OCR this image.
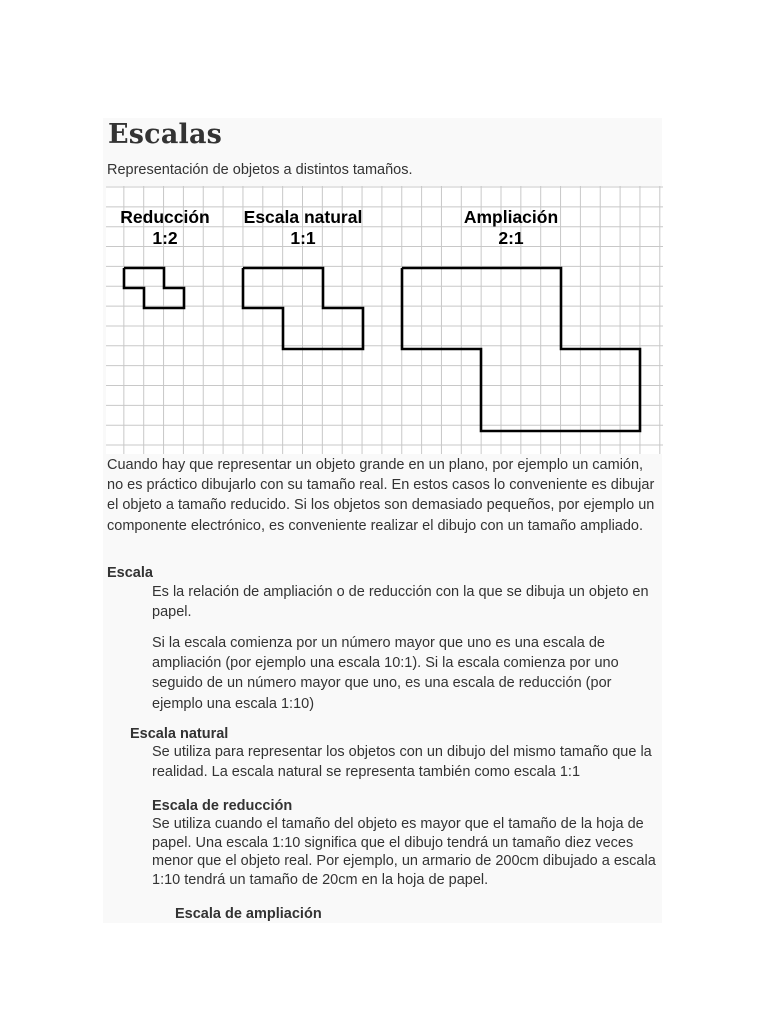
Escalas
Representación de objetos a distintos tamaños.
Reducción
1:2
Escala natural
1:1
Ampliación
2:1

Cuando hay que representar un objeto grande en un plano, por ejemplo un camión, no es práctico dibujarlo con su tamaño real. En estos casos lo conveniente es dibujar el objeto a tamaño reducido. Si los objetos son demasiado pequeños, por ejemplo un componente electrónico, es conveniente realizar el dibujo con un tamaño ampliado.

Escala

Es la relación de ampliación o de reducción con la que se dibuja un objeto en papel.

Si la escala comienza por un número mayor que uno es una escala de ampliación (por ejemplo una escala 10:1). Si la escala comienza por uno seguido de un número mayor que uno, es una escala de reducción (por ejemplo una escala 1:10)

Escala natural

Se utiliza para representar los objetos con un dibujo del mismo tamaño que la realidad. La escala natural se representa también como escala 1:1

Escala de reducción

Se utiliza cuando el tamaño del objeto es mayor que el tamaño de la hoja de papel. Una escala 1:10 significa que el dibujo tendrá un tamaño diez veces menor que el objeto real. Por ejemplo, un armario de 200cm dibujado a escala 1:10 tendrá un tamaño de 20cm en la hoja de papel.

Escala de ampliación
